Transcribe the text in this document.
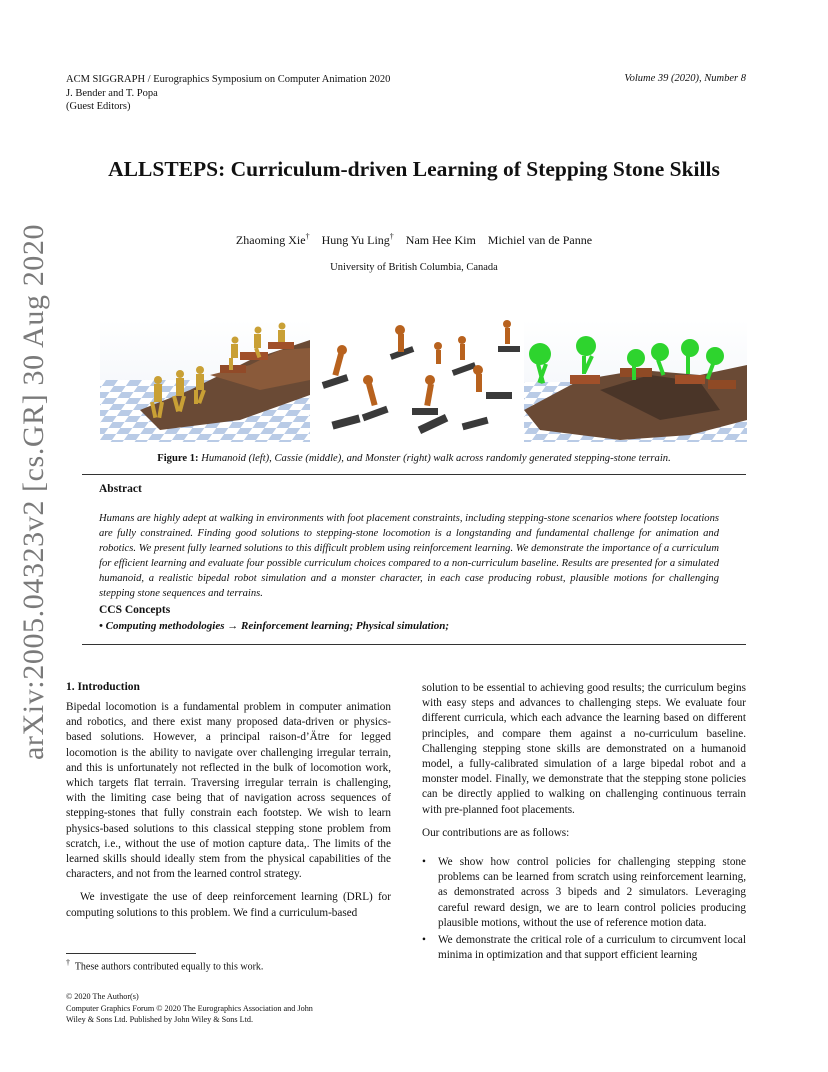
ACM SIGGRAPH / Eurographics Symposium on Computer Animation 2020
J. Bender and T. Popa
(Guest Editors)
Volume 39 (2020), Number 8
ALLSTEPS: Curriculum-driven Learning of Stepping Stone Skills
Zhaoming Xie† Hung Yu Ling† Nam Hee Kim Michiel van de Panne
University of British Columbia, Canada
arXiv:2005.04323v2 [cs.GR] 30 Aug 2020	Figure 1: Humanoid (left), Cassie (middle), and Monster (right) walk across randomly generated stepping-stone terrain.
Abstract
Humans are highly adept at walking in environments with foot placement constraints, including stepping-stone scenarios where footstep locations are fully constrained. Finding good solutions to stepping-stone locomotion is a longstanding and fundamental challenge for animation and robotics. We present fully learned solutions to this difficult problem using reinforcement learning. We demonstrate the importance of a curriculum for efficient learning and evaluate four possible curriculum choices compared to a non-curriculum baseline. Results are presented for a simulated humanoid, a realistic bipedal robot simulation and a monster character, in each case producing robust, plausible motions for challenging stepping stone sequences and terrains.
CCS Concepts
• Computing methodologies → Reinforcement learning; Physical simulation;
1. Introduction

Bipedal locomotion is a fundamental problem in computer animation and robotics, and there exist many proposed data-driven or physics-based solutions. However, a principal raison-d’Ätre for legged locomotion is the ability to navigate over challenging irregular terrain, and this is unfortunately not reflected in the bulk of locomotion work, which targets flat terrain. Traversing irregular terrain is challenging, with the limiting case being that of navigation across sequences of stepping-stones that fully constrain each footstep. We wish to learn physics-based solutions to this classical stepping stone problem from scratch, i.e., without the use of motion capture data,. The limits of the learned skills should ideally stem from the physical capabilities of the characters, and not from the learned control strategy.

We investigate the use of deep reinforcement learning (DRL) for computing solutions to this problem. We find a curriculum-based

† These authors contributed equally to this work.
© 2020 The Author(s)
Computer Graphics Forum © 2020 The Eurographics Association and John
Wiley & Sons Ltd. Published by John Wiley & Sons Ltd.

solution to be essential to achieving good results; the curriculum begins with easy steps and advances to challenging steps. We evaluate four different curricula, which each advance the learning based on different principles, and compare them against a no-curriculum baseline. Challenging stepping stone skills are demonstrated on a humanoid model, a fully-calibrated simulation of a large bipedal robot and a monster model. Finally, we demonstrate that the stepping stone policies can be directly applied to walking on challenging continuous terrain with pre-planned foot placements.

Our contributions are as follows:

• We show how control policies for challenging stepping stone problems can be learned from scratch using reinforcement learning, as demonstrated across 3 bipeds and 2 simulators. Leveraging careful reward design, we are to learn control policies producing plausible motions, without the use of reference motion data.
• We demonstrate the critical role of a curriculum to circumvent local minima in optimization and that support efficient learning
